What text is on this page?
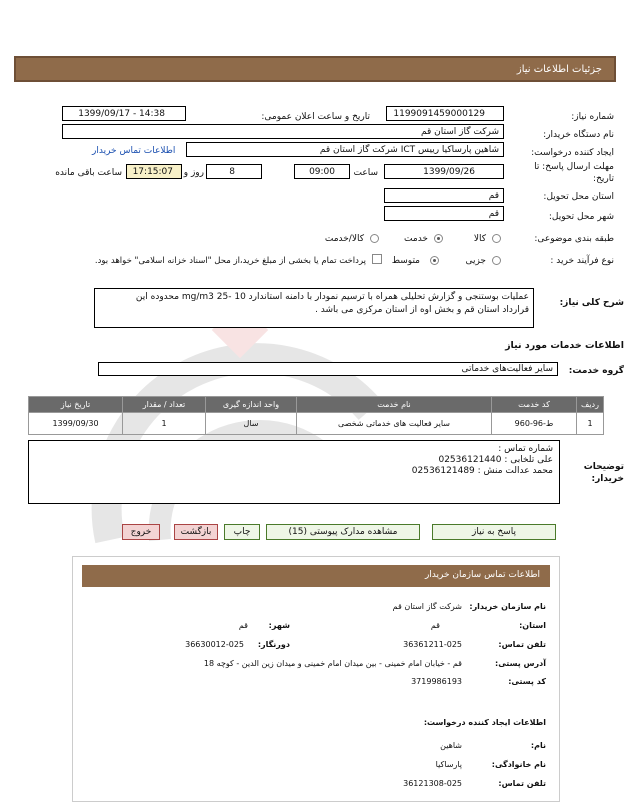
جزئیات اطلاعات نیاز
شماره نیاز:
1199091459000129
تاریخ و ساعت اعلان عمومی:
1399/09/17 - 14:38
نام دستگاه خریدار:
شرکت گاز استان قم
ایجاد کننده درخواست:
شاهین پارساکیا رییس ICT شرکت گاز استان قم
اطلاعات تماس خریدار
مهلت ارسال پاسخ: تا
تاریخ:
1399/09/26
ساعت
09:00
8
روز و
17:15:07
ساعت باقی مانده
استان محل تحویل:
قم
شهر محل تحویل:
قم
طبقه بندی موضوعی:
کالا
خدمت
کالا/خدمت
نوع فرآیند خرید :
جزیی
متوسط
پرداخت تمام یا بخشی از مبلغ خرید،از محل "اسناد خزانه اسلامی" خواهد بود.
شرح کلی نیاز:
عملیات بوستنجی و گزارش تحلیلی همراه با ترسیم نمودار با دامنه استاندارد 10 -25 mg/m3 محدوده این
قرارداد استان قم و بخش اوه از استان مرکزی می باشد .
اطلاعات خدمات مورد نیاز
گروه خدمت:
سایر فعالیت‌های خدماتی
ردیف	کد خدمت	نام خدمت	واحد اندازه گیری	تعداد / مقدار	تاریخ نیاز
1	ط-96-960	سایر فعالیت های خدماتی شخصی	سال	1	1399/09/30
توضیحات
خریدار:
شماره تماس :
علی تلخابی : 02536121440
محمد عدالت منش : 02536121489
پاسخ به نیاز
مشاهده مدارک پیوستی (15)
چاپ
بازگشت
خروج
اطلاعات تماس سازمان خریدار
نام سازمان خریدار:
شرکت گاز استان قم
استان:
قم
شهر:
قم
تلفن تماس:
36361211-025
دورنگار:
36630012-025
آدرس پستی:
قم - خیابان امام خمینی - بین میدان امام خمینی و میدان زین الدین - کوچه 18
کد پستی:
3719986193
اطلاعات ایجاد کننده درخواست:
نام:
شاهین
نام خانوادگی:
پارساکیا
تلفن تماس:
36121308-025
